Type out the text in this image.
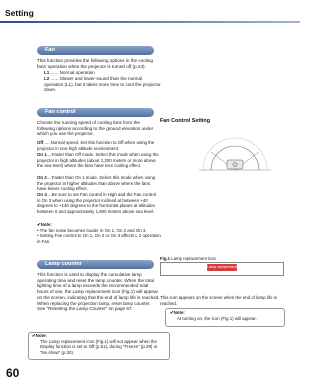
Setting
Fan
This function provides the following options in the cooling fans' operation when the projector is turned off (p.23).
L1 ...... Normal operation
L2 ...... Slower and lower-sound than the normal operation (L1), but it takes more time to cool the projector down.
Fan control
Choose the running speed of cooling fans from the following options according to the ground elevation under which you use the projector.
Off......Normal speed. Set this function to Off when using the projector in non-high altitude environment.
On 1....Faster than Off mode. Select this mode when using the projector in high altitudes (about 1,200 meters or more above the sea level) where the fans have less cooling effect.
On 2....Faster than On 1 mode. Select this mode when using the projector in higher altitudes than above where the fans have lesser cooling effect.
On 3....Be sure to set Fan control in High and the Fan control in On 3 when using the projector inclined at between +40 degrees to +140 degrees to the horizontal planes at altitudes between 0 and approximately 1,600 meters above sea level.
✔Note:
• The fan noise becomes louder in On 1, On 2 and On 3.
• Setting Fan control to On 1, On 2 or On 3 affects L 2 operation in Fan.
Fan Control Setting
Lamp counter
This function is used to display the cumulative lamp operating time and reset the lamp counter. When the total lighting time of a lamp exceeds the recommended total hours of use, the Lamp replacement icon (Fig.1) will appear on the screen, indicating that the end of lamp life is reached. When replacing the projection lamp, reset lamp counter. See "Resetting the Lamp Counter" on page 67.
Fig.1 Lamp replacement icon
Lamp replacement
This icon appears on the screen when the end of lamp life is reached.
✔Note:
At turning on, the icon (Fig.1) will appear.
✔Note:
The Lamp replacement icon (Fig.1) will not appear when the Display function is set to Off (p.51), during "Freeze" (p.29) or "No show" (p.30).
60
